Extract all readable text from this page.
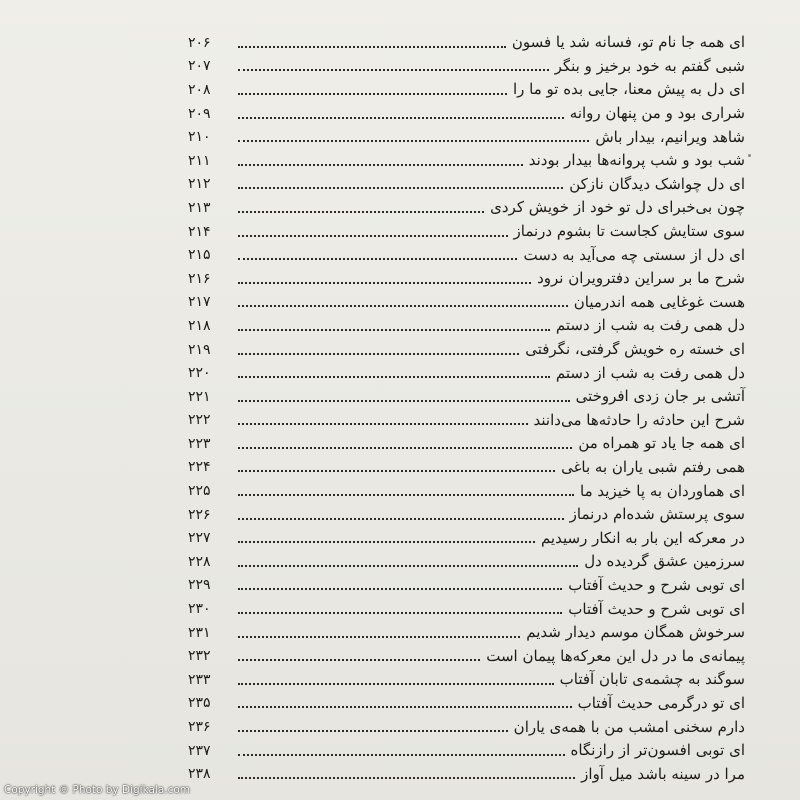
ای همه جا نام تو، فسانه شد یا فسون
۲۰۶
شبی گفتم به خود برخیز و بنگر
۲۰۷
ای دل به پیش معنا، جایی بده تو ما را
۲۰۸
شراری بود و من پنهان روانه
۲۰۹
شاهد ویرانیم، بیدار باش
۲۱۰
شب بود و شب پروانه‌ها بیدار بودند
۲۱۱
ای دل چواشک دیدگان نازکن
۲۱۲
چون بی‌خبرای دل تو خود از خویش کردی
۲۱۳
سوی ستایش کجاست تا بشوم درنماز
۲۱۴
ای دل از سستی چه می‌آید به دست
۲۱۵
شرح ما بر سراین دفترویران نرود
۲۱۶
هست غوغایی همه اندرمیان
۲۱۷
دل همی رفت به شب از دستم
۲۱۸
ای خسته ره خویش گرفتی، نگرفتی
۲۱۹
دل همی رفت به شب از دستم
۲۲۰
آتشی بر جان زدی افروختی
۲۲۱
شرح این حادثه را حادثه‌ها می‌دانند
۲۲۲
ای همه جا یاد تو همراه من
۲۲۳
همی رفتم شبی یاران به باغی
۲۲۴
ای هماوردان به پا خیزید ما
۲۲۵
سوی پرستش شده‌ام درنماز
۲۲۶
در معرکه این بار به انکار رسیدیم
۲۲۷
سرزمین عشق گردیده دل
۲۲۸
ای توبی شرح و حدیث آفتاب
۲۲۹
ای توبی شرح و حدیث آفتاب
۲۳۰
سرخوش همگان موسم دیدار شدیم
۲۳۱
پیمانه‌ی ما در دل این معرکه‌ها پیمان است
۲۳۲
سوگند به چشمه‌ی تابان آفتاب
۲۳۳
ای تو درگرمی حدیث آفتاب
۲۳۵
دارم سخنی امشب من با همه‌ی یاران
۲۳۶
ای توبی افسون‌تر از رازنگاه
۲۳۷
مرا در سینه باشد میل آواز
۲۳۸
Copyright © Photo by Digikala.com
